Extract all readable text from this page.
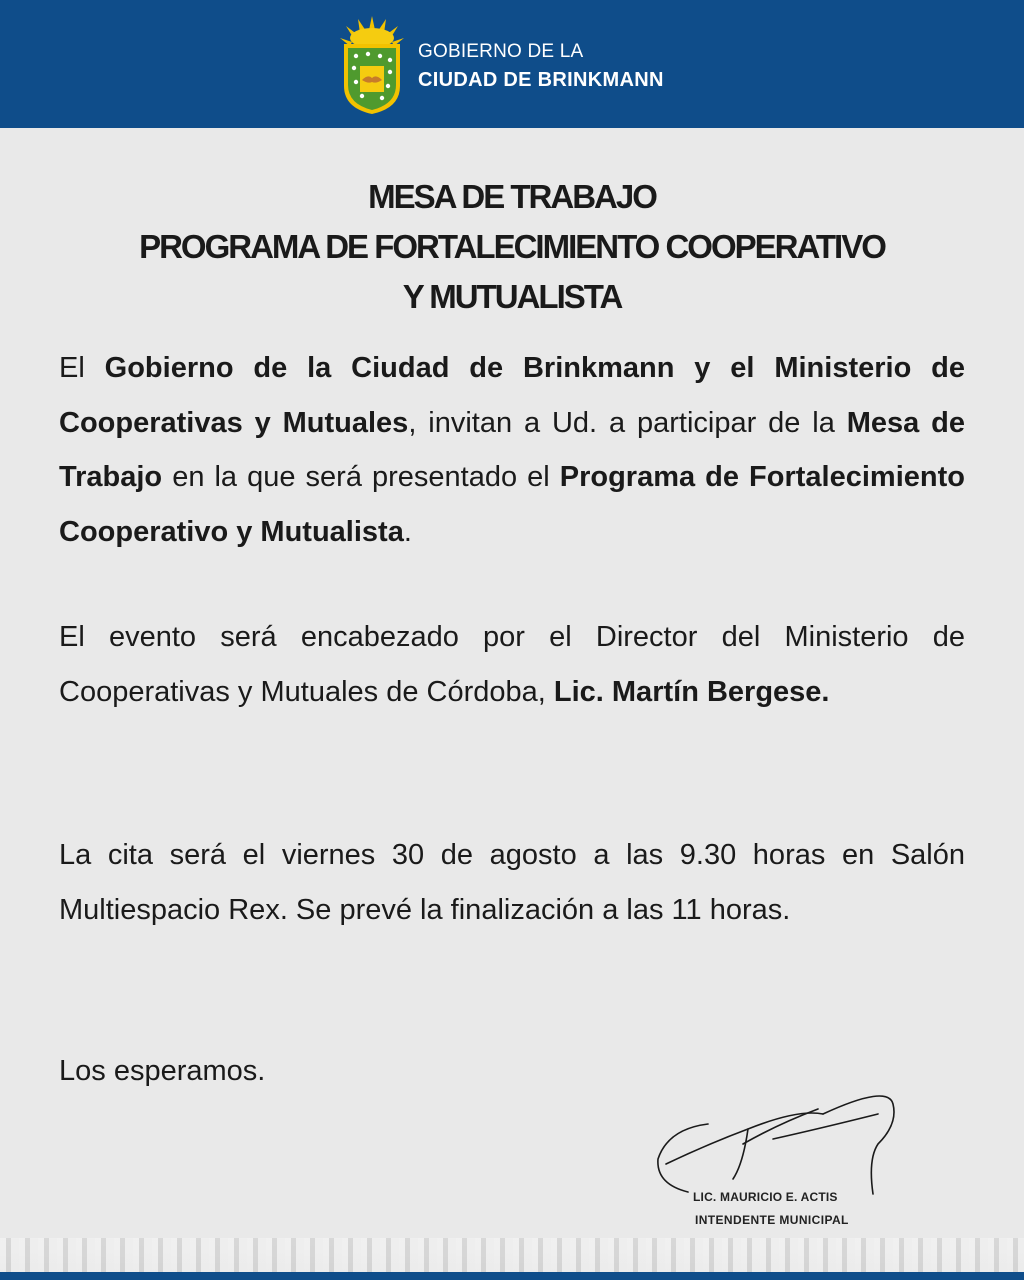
GOBIERNO DE LA
CIUDAD DE BRINKMANN
MESA DE TRABAJO
PROGRAMA DE FORTALECIMIENTO COOPERATIVO
Y MUTUALISTA

El Gobierno de la Ciudad de Brinkmann y el Ministerio de Cooperativas y Mutuales, invitan a Ud. a participar de la Mesa de Trabajo en la que será presentado el Programa de Fortalecimiento Cooperativo y Mutualista.

El evento será encabezado por el Director del Ministerio de Cooperativas y Mutuales de Córdoba, Lic. Martín Bergese.

La cita será el viernes 30 de agosto a las 9.30 horas en Salón Multiespacio Rex. Se prevé la finalización a las 11 horas.

Los esperamos.

LIC. MAURICIO E. ACTIS
INTENDENTE MUNICIPAL
